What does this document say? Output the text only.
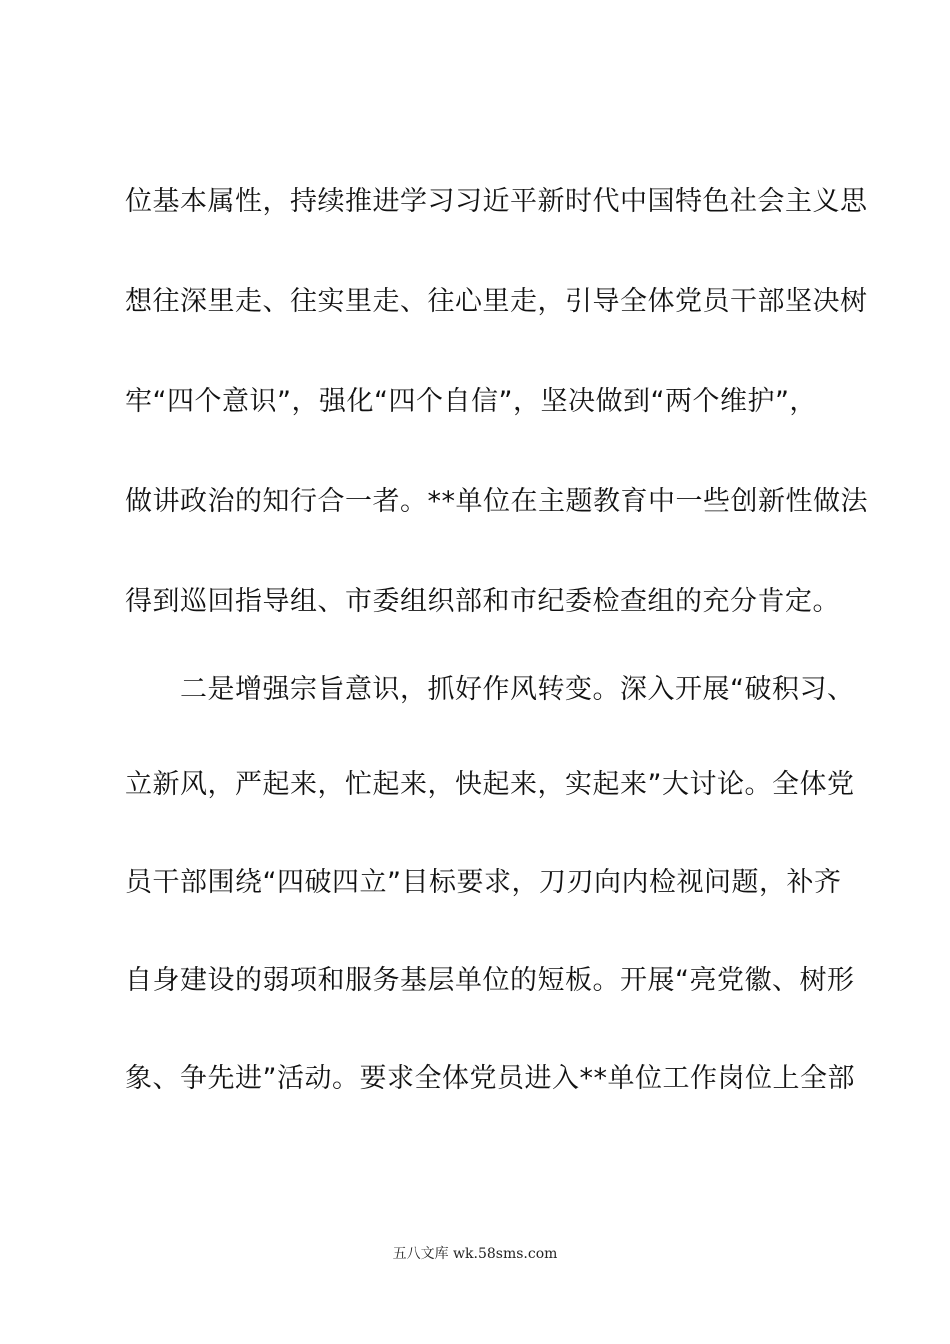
位基本属性，持续推进学习习近平新时代中国特色社会主义思
想往深里走、往实里走、往心里走，引导全体党员干部坚决树
牢“四个意识”，强化“四个自信”，坚决做到“两个维护”，
做讲政治的知行合一者。**单位在主题教育中一些创新性做法
得到巡回指导组、市委组织部和市纪委检查组的充分肯定。
二是增强宗旨意识，抓好作风转变。深入开展“破积习、
立新风，严起来，忙起来，快起来，实起来”大讨论。全体党
员干部围绕“四破四立”目标要求，刀刃向内检视问题，补齐
自身建设的弱项和服务基层单位的短板。开展“亮党徽、树形
象、争先进”活动。要求全体党员进入**单位工作岗位上全部
五八文库 wk.58sms.com
